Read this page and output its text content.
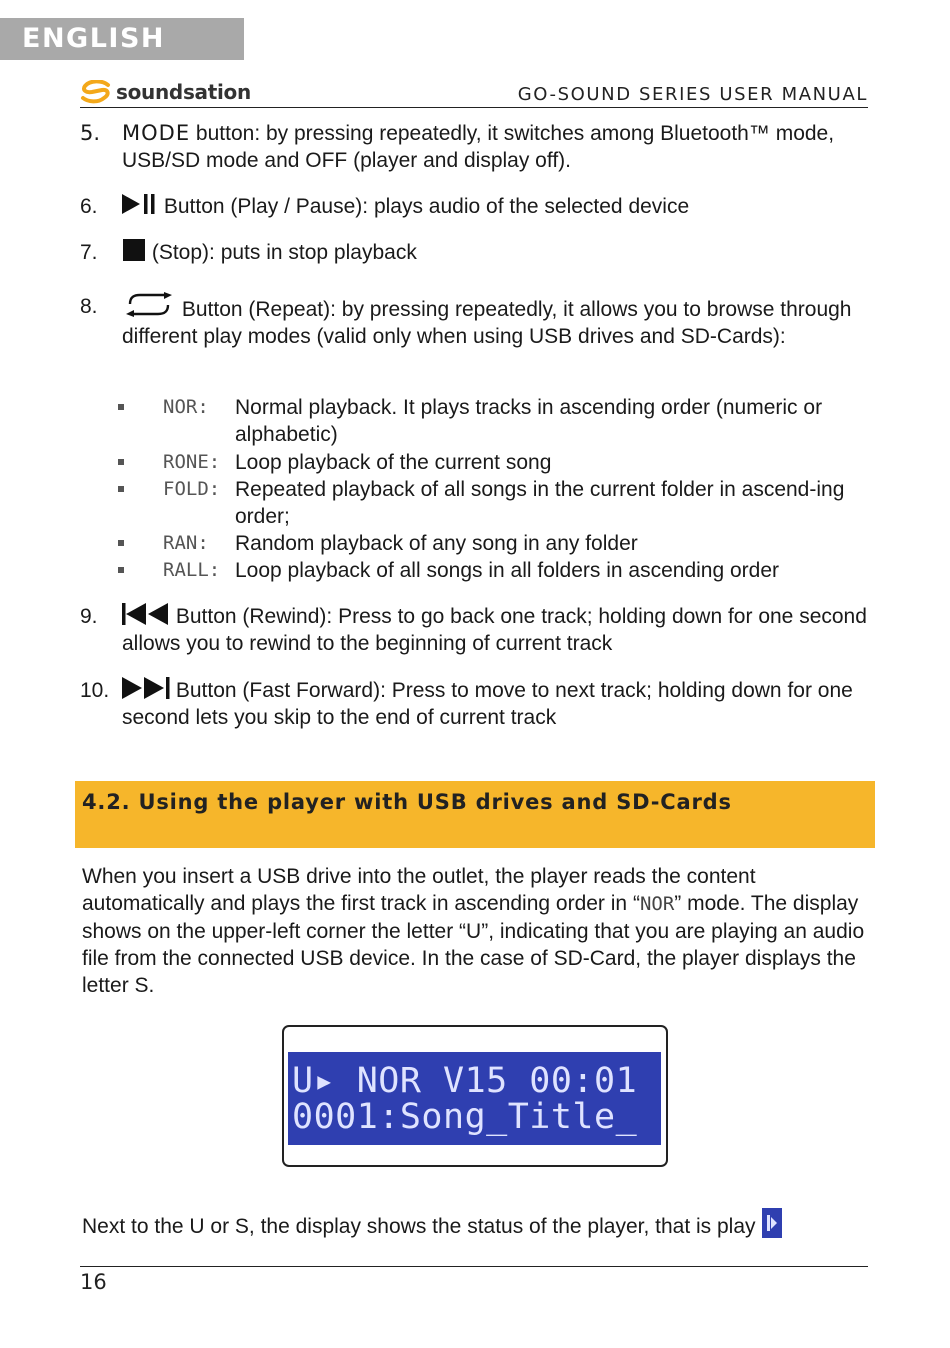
ENGLISH
soundsation	GO-SOUND SERIES USER MANUAL
5. MODE button: by pressing repeatedly, it switches among Bluetooth™ mode, USB/SD mode and OFF (player and display off).
6.	Button (Play / Pause): plays audio of the selected device
7.	(Stop): puts in stop playback
8.	Button (Repeat): by pressing repeatedly, it allows you to browse through different play modes (valid only when using USB drives and SD-Cards):
NOR: Normal playback. It plays tracks in ascending order (numeric or alphabetic)
RONE: Loop playback of the current song
FOLD: Repeated playback of all songs in the current folder in ascend-ing order;
RAN: Random playback of any song in any folder
RALL: Loop playback of all songs in all folders in ascending order
9.	Button (Rewind): Press to go back one track; holding down for one second allows you to rewind to the beginning of current track
10.	Button (Fast Forward): Press to move to next track; holding down for one second lets you skip to the end of current track
4.2. Using the player with USB drives and SD-Cards
When you insert a USB drive into the outlet, the player reads the content automatically and plays the first track in ascending order in “NOR” mode. The display shows on the upper-left corner the letter “U”, indicating that you are playing an audio file from the connected USB device. In the case of SD-Card, the player displays the letter S.
U▸ NOR V15 00:01
0001:Song_Title_
Next to the U or S, the display shows the status of the player, that is play
16
